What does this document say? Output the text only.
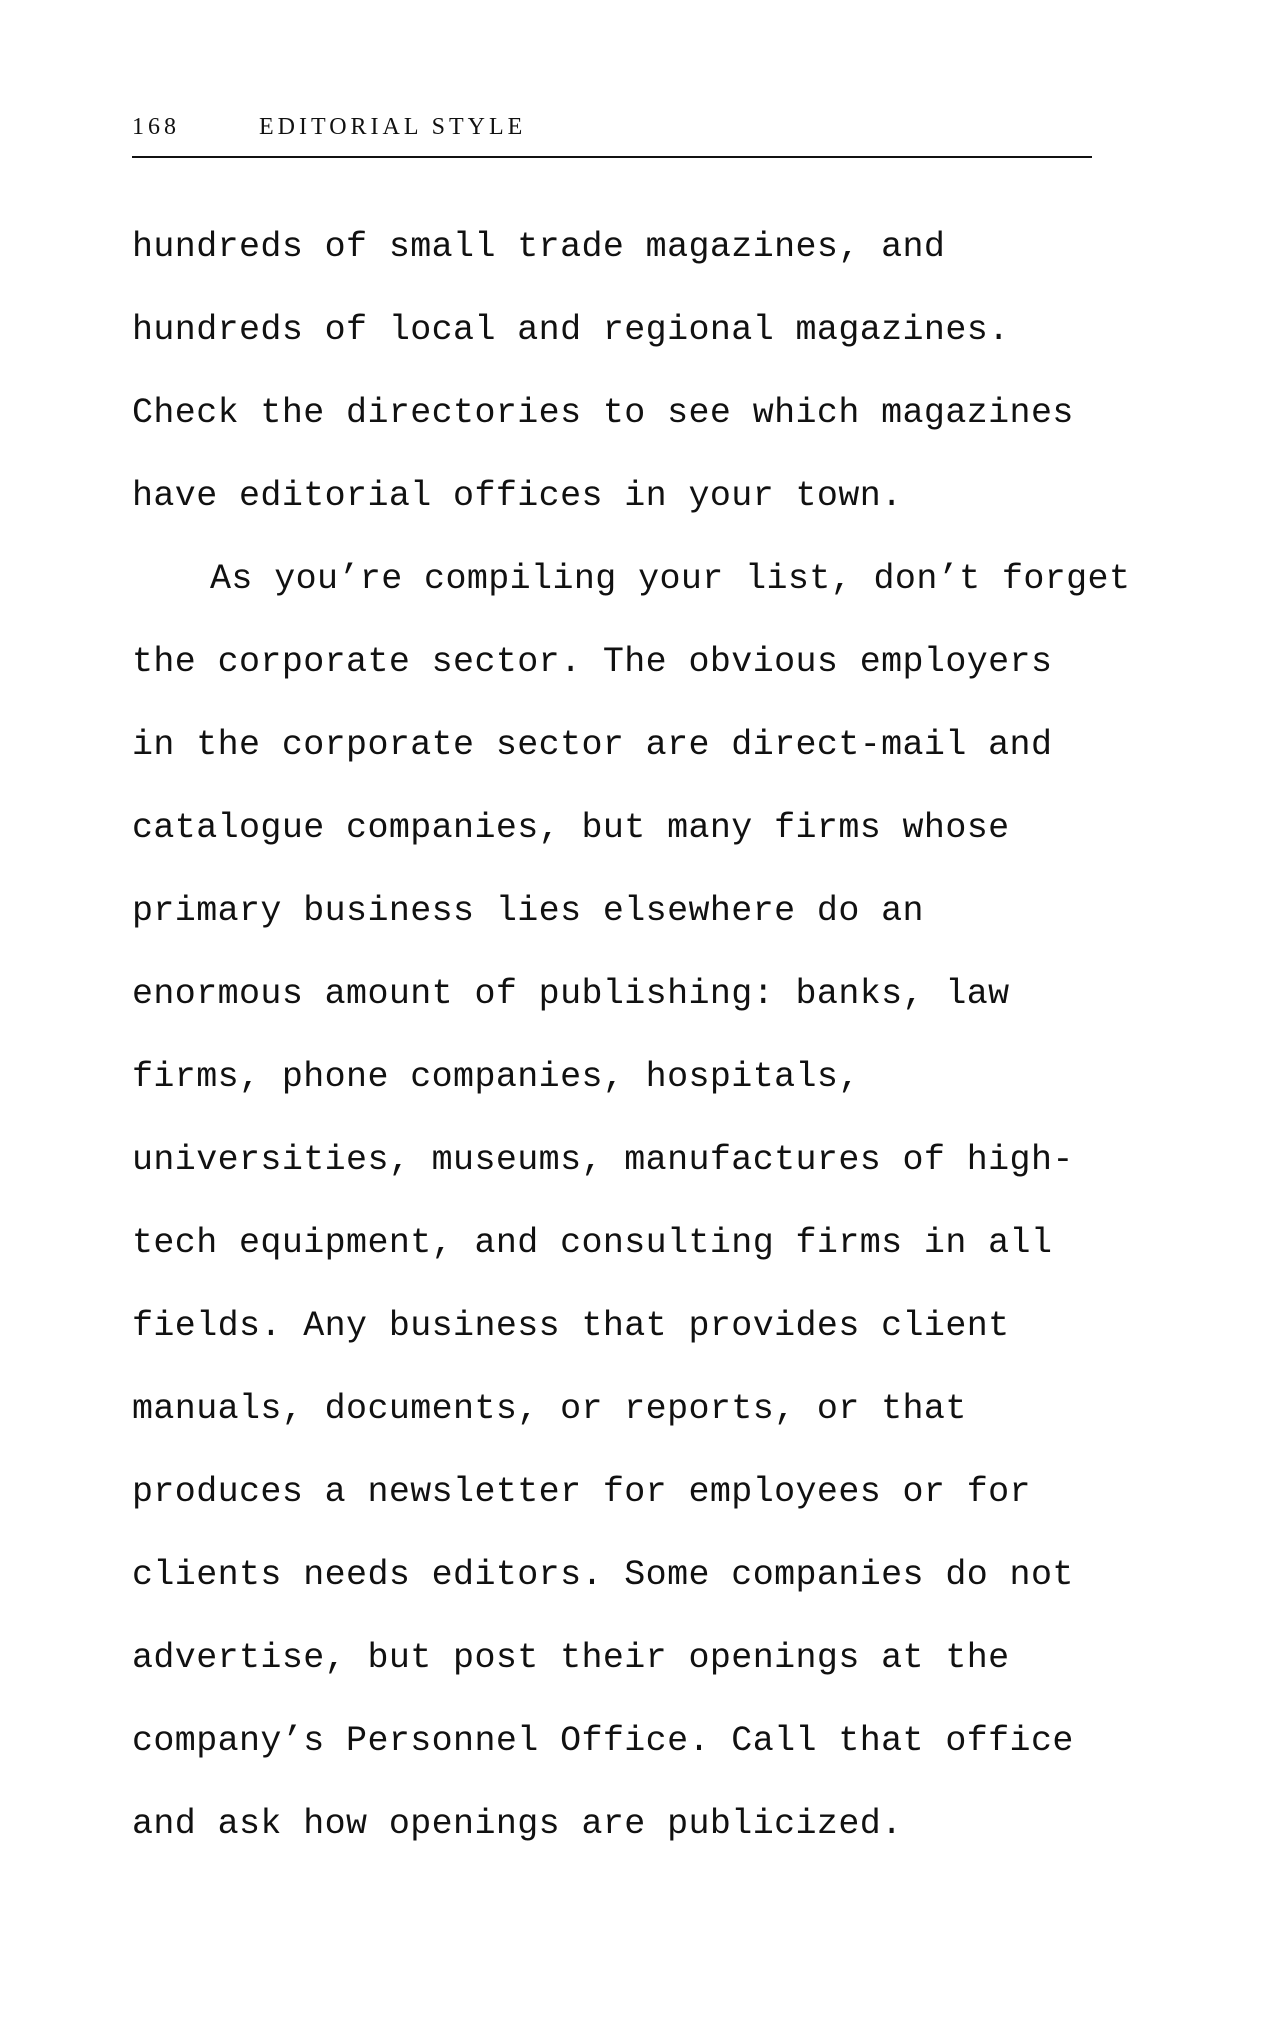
168	EDITORIAL STYLE
hundreds of small trade magazines, and
hundreds of local and regional magazines.
Check the directories to see which magazines
have editorial offices in your town.
As you’re compiling your list, don’t forget
the corporate sector. The obvious employers
in the corporate sector are direct-mail and
catalogue companies, but many firms whose
primary business lies elsewhere do an
enormous amount of publishing: banks, law
firms, phone companies, hospitals,
universities, museums, manufactures of high-
tech equipment, and consulting firms in all
fields. Any business that provides client
manuals, documents, or reports, or that
produces a newsletter for employees or for
clients needs editors. Some companies do not
advertise, but post their openings at the
company’s Personnel Office. Call that office
and ask how openings are publicized.
